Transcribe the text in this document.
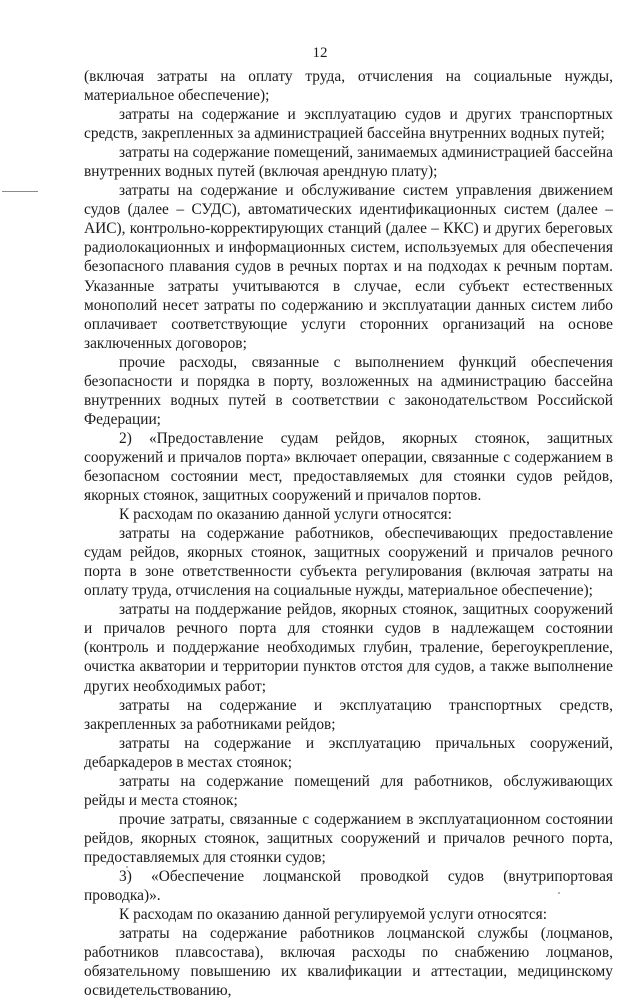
12

(включая затраты на оплату труда, отчисления на социальные нужды, материальное обеспечение);

затраты на содержание и эксплуатацию судов и других транспортных средств, закрепленных за администрацией бассейна внутренних водных путей;

затраты на содержание помещений, занимаемых администрацией бассейна внутренних водных путей (включая арендную плату);

затраты на содержание и обслуживание систем управления движением судов (далее – СУДС), автоматических идентификационных систем (далее – АИС), контрольно-корректирующих станций (далее – ККС) и других береговых радиолокационных и информационных систем, используемых для обеспечения безопасного плавания судов в речных портах и на подходах к речным портам. Указанные затраты учитываются в случае, если субъект естественных монополий несет затраты по содержанию и эксплуатации данных систем либо оплачивает соответствующие услуги сторонних организаций на основе заключенных договоров;

прочие расходы, связанные с выполнением функций обеспечения безопасности и порядка в порту, возложенных на администрацию бассейна внутренних водных путей в соответствии с законодательством Российской Федерации;

2) «Предоставление судам рейдов, якорных стоянок, защитных сооружений и причалов порта» включает операции, связанные с содержанием в безопасном состоянии мест, предоставляемых для стоянки судов рейдов, якорных стоянок, защитных сооружений и причалов портов.

К расходам по оказанию данной услуги относятся:

затраты на содержание работников, обеспечивающих предоставление судам рейдов, якорных стоянок, защитных сооружений и причалов речного порта в зоне ответственности субъекта регулирования (включая затраты на оплату труда, отчисления на социальные нужды, материальное обеспечение);

затраты на поддержание рейдов, якорных стоянок, защитных сооружений и причалов речного порта для стоянки судов в надлежащем состоянии (контроль и поддержание необходимых глубин, траление, берегоукрепление, очистка акватории и территории пунктов отстоя для судов, а также выполнение других необходимых работ;

затраты на содержание и эксплуатацию транспортных средств, закрепленных за работниками рейдов;

затраты на содержание и эксплуатацию причальных сооружений, дебаркадеров в местах стоянок;

затраты на содержание помещений для работников, обслуживающих рейды и места стоянок;

прочие затраты, связанные с содержанием в эксплуатационном состоянии рейдов, якорных стоянок, защитных сооружений и причалов речного порта, предоставляемых для стоянки судов;

3) «Обеспечение лоцманской проводкой судов (внутрипортовая проводка)».

К расходам по оказанию данной регулируемой услуги относятся:

затраты на содержание работников лоцманской службы (лоцманов, работников плавсостава), включая расходы по снабжению лоцманов, обязательному повышению их квалификации и аттестации, медицинскому освидетельствованию,
